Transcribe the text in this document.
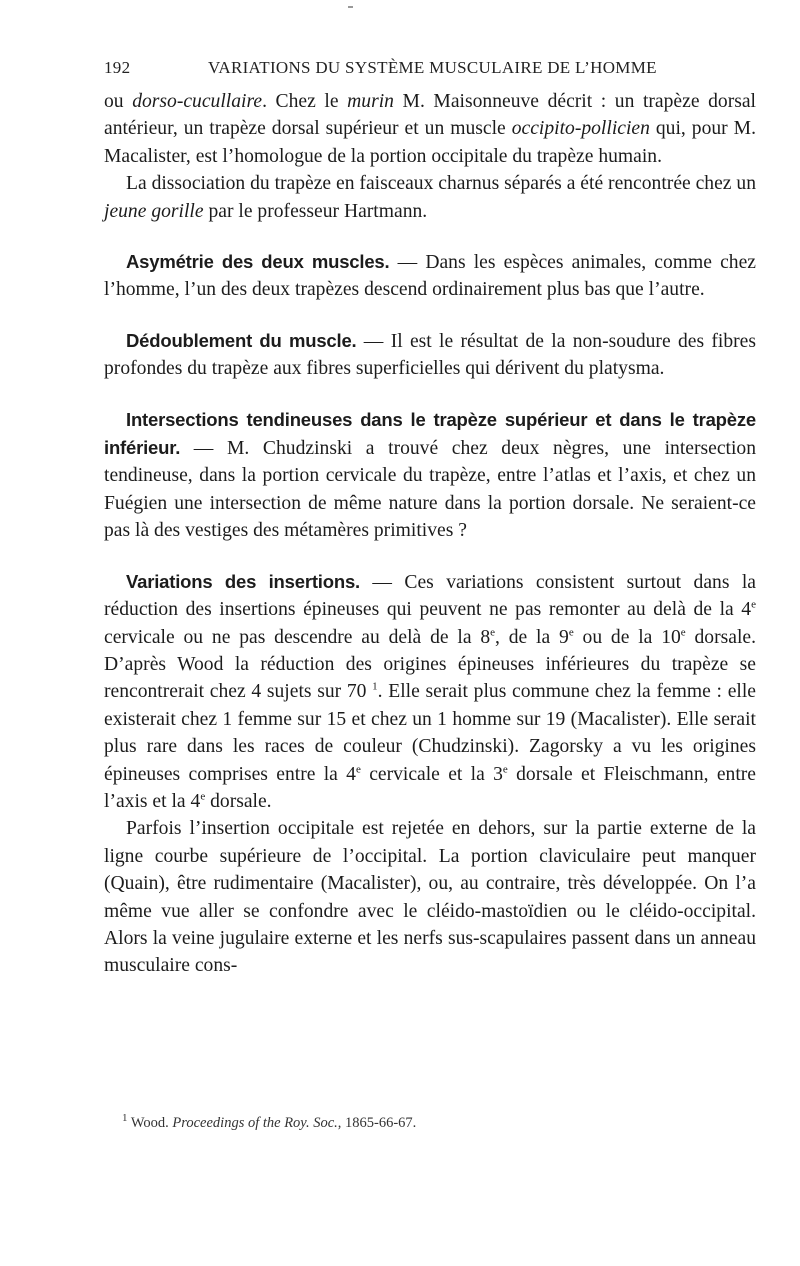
192	VARIATIONS DU SYSTÈME MUSCULAIRE DE L’HOMME

ou dorso-cucullaire. Chez le murin M. Maisonneuve décrit : un trapèze dorsal antérieur, un trapèze dorsal supérieur et un muscle occipito-pollicien qui, pour M. Macalister, est l’homologue de la portion occipitale du trapèze humain.

La dissociation du trapèze en faisceaux charnus séparés a été rencontrée chez un jeune gorille par le professeur Hartmann.

Asymétrie des deux muscles. — Dans les espèces animales, comme chez l’homme, l’un des deux trapèzes descend ordinairement plus bas que l’autre.

Dédoublement du muscle. — Il est le résultat de la non-soudure des fibres profondes du trapèze aux fibres superficielles qui dérivent du platysma.

Intersections tendineuses dans le trapèze supérieur et dans le trapèze inférieur. — M. Chudzinski a trouvé chez deux nègres, une intersection tendineuse, dans la portion cervicale du trapèze, entre l’atlas et l’axis, et chez un Fuégien une intersection de même nature dans la portion dorsale. Ne seraient-ce pas là des vestiges des métamères primitives ?

Variations des insertions. — Ces variations consistent surtout dans la réduction des insertions épineuses qui peuvent ne pas remonter au delà de la 4e cervicale ou ne pas descendre au delà de la 8e, de la 9e ou de la 10e dorsale. D’après Wood la réduction des origines épineuses inférieures du trapèze se rencontrerait chez 4 sujets sur 70 $^1$. Elle serait plus commune chez la femme : elle existerait chez 1 femme sur 15 et chez un 1 homme sur 19 (Macalister). Elle serait plus rare dans les races de couleur (Chudzinski). Zagorsky a vu les origines épineuses comprises entre la 4e cervicale et la 3e dorsale et Fleischmann, entre l’axis et la 4e dorsale.

Parfois l’insertion occipitale est rejetée en dehors, sur la partie externe de la ligne courbe supérieure de l’occipital. La portion claviculaire peut manquer (Quain), être rudimentaire (Macalister), ou, au contraire, très développée. On l’a même vue aller se confondre avec le cléido-mastoïdien ou le cléido-occipital. Alors la veine jugulaire externe et les nerfs sus-scapulaires passent dans un anneau musculaire cons-

$^1$ Wood. Proceedings of the Roy. Soc., 1865-66-67.
